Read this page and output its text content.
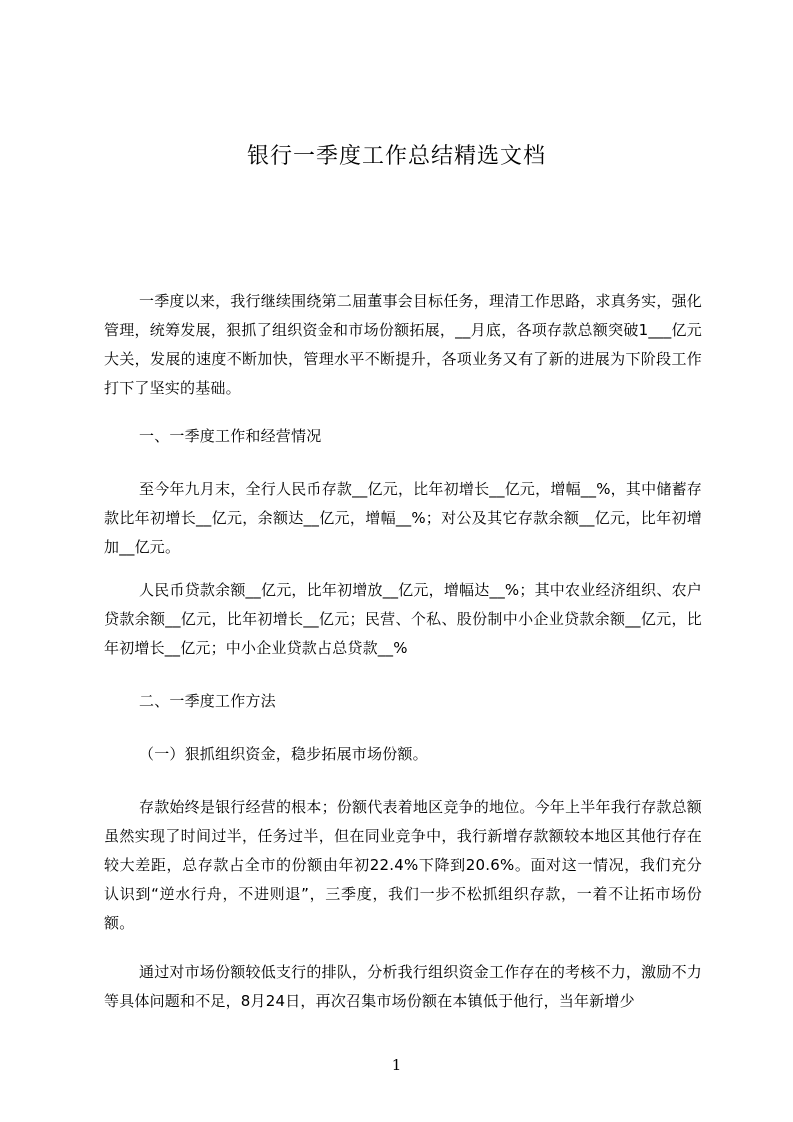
银行一季度工作总结精选文档

一季度以来，我行继续围绕第二届董事会目标任务，理清工作思路，求真务实，强化管理，统筹发展，狠抓了组织资金和市场份额拓展，__月底，各项存款总额突破1___亿元大关，发展的速度不断加快，管理水平不断提升，各项业务又有了新的进展为下阶段工作打下了坚实的基础。

一、一季度工作和经营情况

至今年九月末，全行人民币存款__亿元，比年初增长__亿元，增幅__%，其中储蓄存款比年初增长__亿元，余额达__亿元，增幅__%；对公及其它存款余额__亿元，比年初增加__亿元。

人民币贷款余额__亿元，比年初增放__亿元，增幅达__%；其中农业经济组织、农户贷款余额__亿元，比年初增长__亿元；民营、个私、股份制中小企业贷款余额__亿元，比年初增长__亿元；中小企业贷款占总贷款__%

二、一季度工作方法

（一）狠抓组织资金，稳步拓展市场份额。

存款始终是银行经营的根本；份额代表着地区竞争的地位。今年上半年我行存款总额虽然实现了时间过半，任务过半，但在同业竞争中，我行新增存款额较本地区其他行存在较大差距，总存款占全市的份额由年初22.4%下降到20.6%。面对这一情况，我们充分认识到“逆水行舟，不进则退”，三季度，我们一步不松抓组织存款，一着不让拓市场份额。

通过对市场份额较低支行的排队，分析我行组织资金工作存在的考核不力，激励不力等具体问题和不足，8月24日，再次召集市场份额在本镇低于他行，当年新增少

1
